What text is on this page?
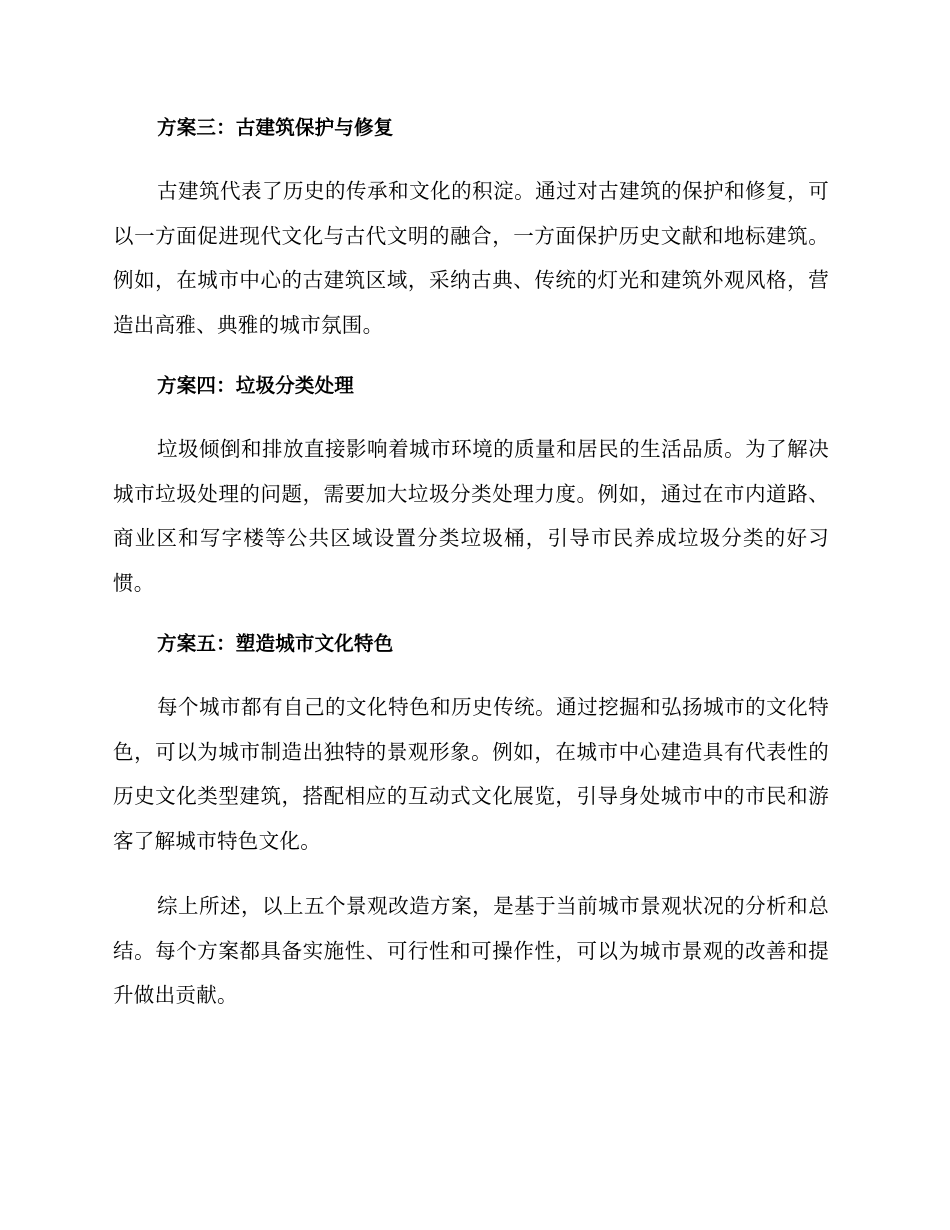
方案三：古建筑保护与修复

古建筑代表了历史的传承和文化的积淀。通过对古建筑的保护和修复，可以一方面促进现代文化与古代文明的融合，一方面保护历史文献和地标建筑。例如，在城市中心的古建筑区域，采纳古典、传统的灯光和建筑外观风格，营造出高雅、典雅的城市氛围。

方案四：垃圾分类处理

垃圾倾倒和排放直接影响着城市环境的质量和居民的生活品质。为了解决城市垃圾处理的问题，需要加大垃圾分类处理力度。例如，通过在市内道路、商业区和写字楼等公共区域设置分类垃圾桶，引导市民养成垃圾分类的好习惯。

方案五：塑造城市文化特色

每个城市都有自己的文化特色和历史传统。通过挖掘和弘扬城市的文化特色，可以为城市制造出独特的景观形象。例如，在城市中心建造具有代表性的历史文化类型建筑，搭配相应的互动式文化展览，引导身处城市中的市民和游客了解城市特色文化。

综上所述，以上五个景观改造方案，是基于当前城市景观状况的分析和总结。每个方案都具备实施性、可行性和可操作性，可以为城市景观的改善和提升做出贡献。
